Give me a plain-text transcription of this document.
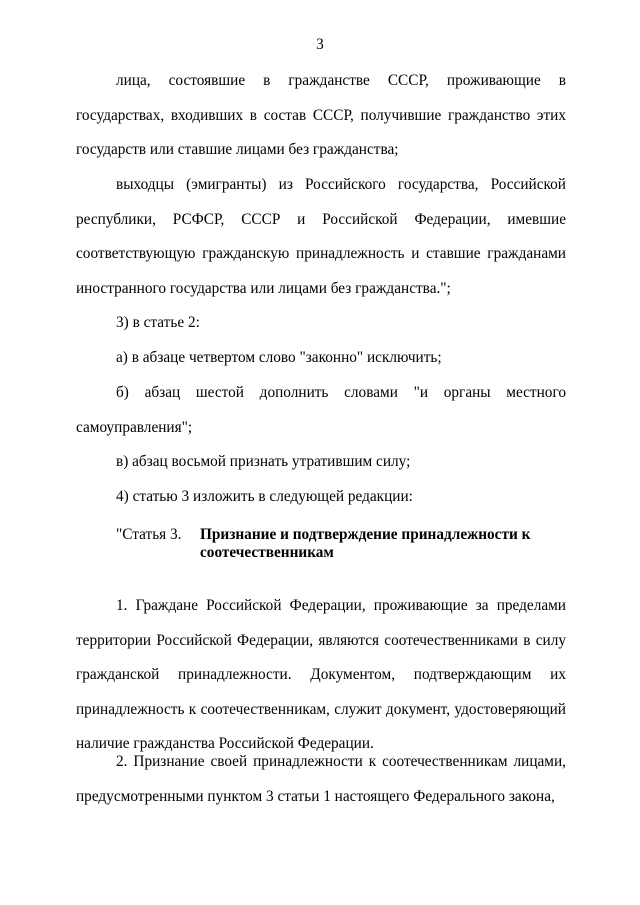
3
лица, состоявшие в гражданстве СССР, проживающие в государствах, входивших в состав СССР, получившие гражданство этих государств или ставшие лицами без гражданства;
выходцы (эмигранты) из Российского государства, Российской республики, РСФСР, СССР и Российской Федерации, имевшие соответствующую гражданскую принадлежность и ставшие гражданами иностранного государства или лицами без гражданства.";
3) в статье 2:
а) в абзаце четвертом слово "законно" исключить;
б) абзац шестой дополнить словами "и органы местного самоуправления";
в) абзац восьмой признать утратившим силу;
4) статью 3 изложить в следующей редакции:
"Статья 3.	Признание и подтверждение принадлежности к соотечественникам
1. Граждане Российской Федерации, проживающие за пределами территории Российской Федерации, являются соотечественниками в силу гражданской принадлежности. Документом, подтверждающим их принадлежность к соотечественникам, служит документ, удостоверяющий наличие гражданства Российской Федерации.
2. Признание своей принадлежности к соотечественникам лицами, предусмотренными пунктом 3 статьи 1 настоящего Федерального закона,
